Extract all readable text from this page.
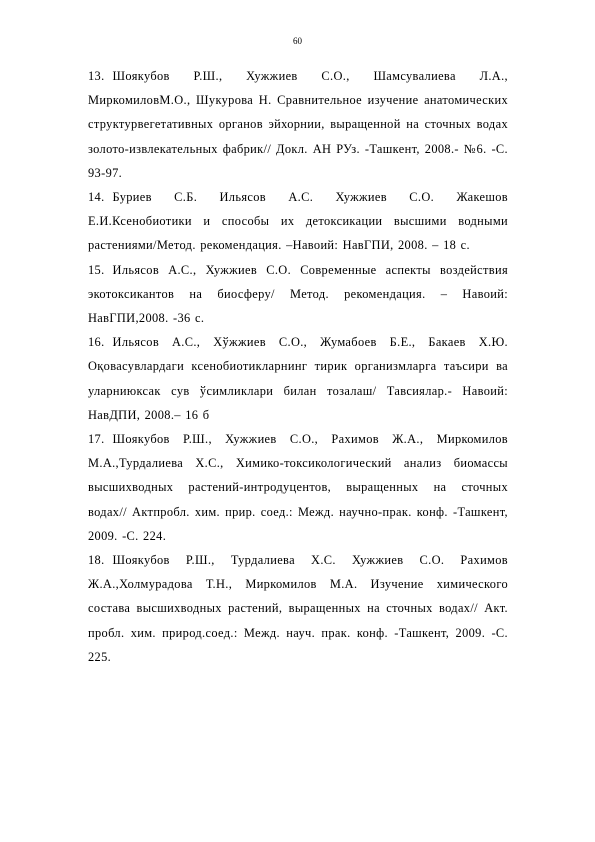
60

13. Шоякубов Р.Ш., Хужжиев С.О., Шамсувалиева Л.А., МиркомиловМ.О., Шукурова Н. Сравнительное изучение анатомических структурвегетативных органов эйхорнии, выращенной на сточных водах золото-извлекательных фабрик// Докл. АН РУз. -Ташкент, 2008.- №6. -С. 93-97.

14. Буриев С.Б. Ильясов А.С. Хужжиев С.О. Жакешов Е.И.Ксенобиотики и способы их детоксикации высшими водными растениями/Метод. рекомендация. –Навоий: НавГПИ, 2008. – 18 с.

15. Ильясов А.С., Хужжиев С.О. Современные аспекты воздействия экотоксикантов на биосферу/ Метод. рекомендация. – Навоий: НавГПИ,2008. -36 с.

16. Ильясов А.С., Хўжжиев С.О., Жумабоев Б.Е., Бакаев Х.Ю. Оқовасувлардаги ксенобиотикларнинг тирик организмларга таъсири ва уларниюксак сув ўсимликлари билан тозалаш/ Тавсиялар.- Навоий: НавДПИ, 2008.– 16 б

17. Шоякубов Р.Ш., Хужжиев С.О., Рахимов Ж.А., Миркомилов М.А.,Турдалиева Х.С., Химико-токсикологический анализ биомассы высшихводных растений-интродуцентов, выращенных на сточных водах// Актпробл. хим. прир. соед.: Межд. научно-прак. конф. -Ташкент, 2009. -С. 224.

18. Шоякубов Р.Ш., Турдалиева Х.С. Хужжиев С.О. Рахимов Ж.А.,Холмурадова Т.Н., Миркомилов М.А. Изучение химического состава высшихводных растений, выращенных на сточных водах// Акт. пробл. хим. природ.соед.: Межд. науч. прак. конф. -Ташкент, 2009. -С. 225.
